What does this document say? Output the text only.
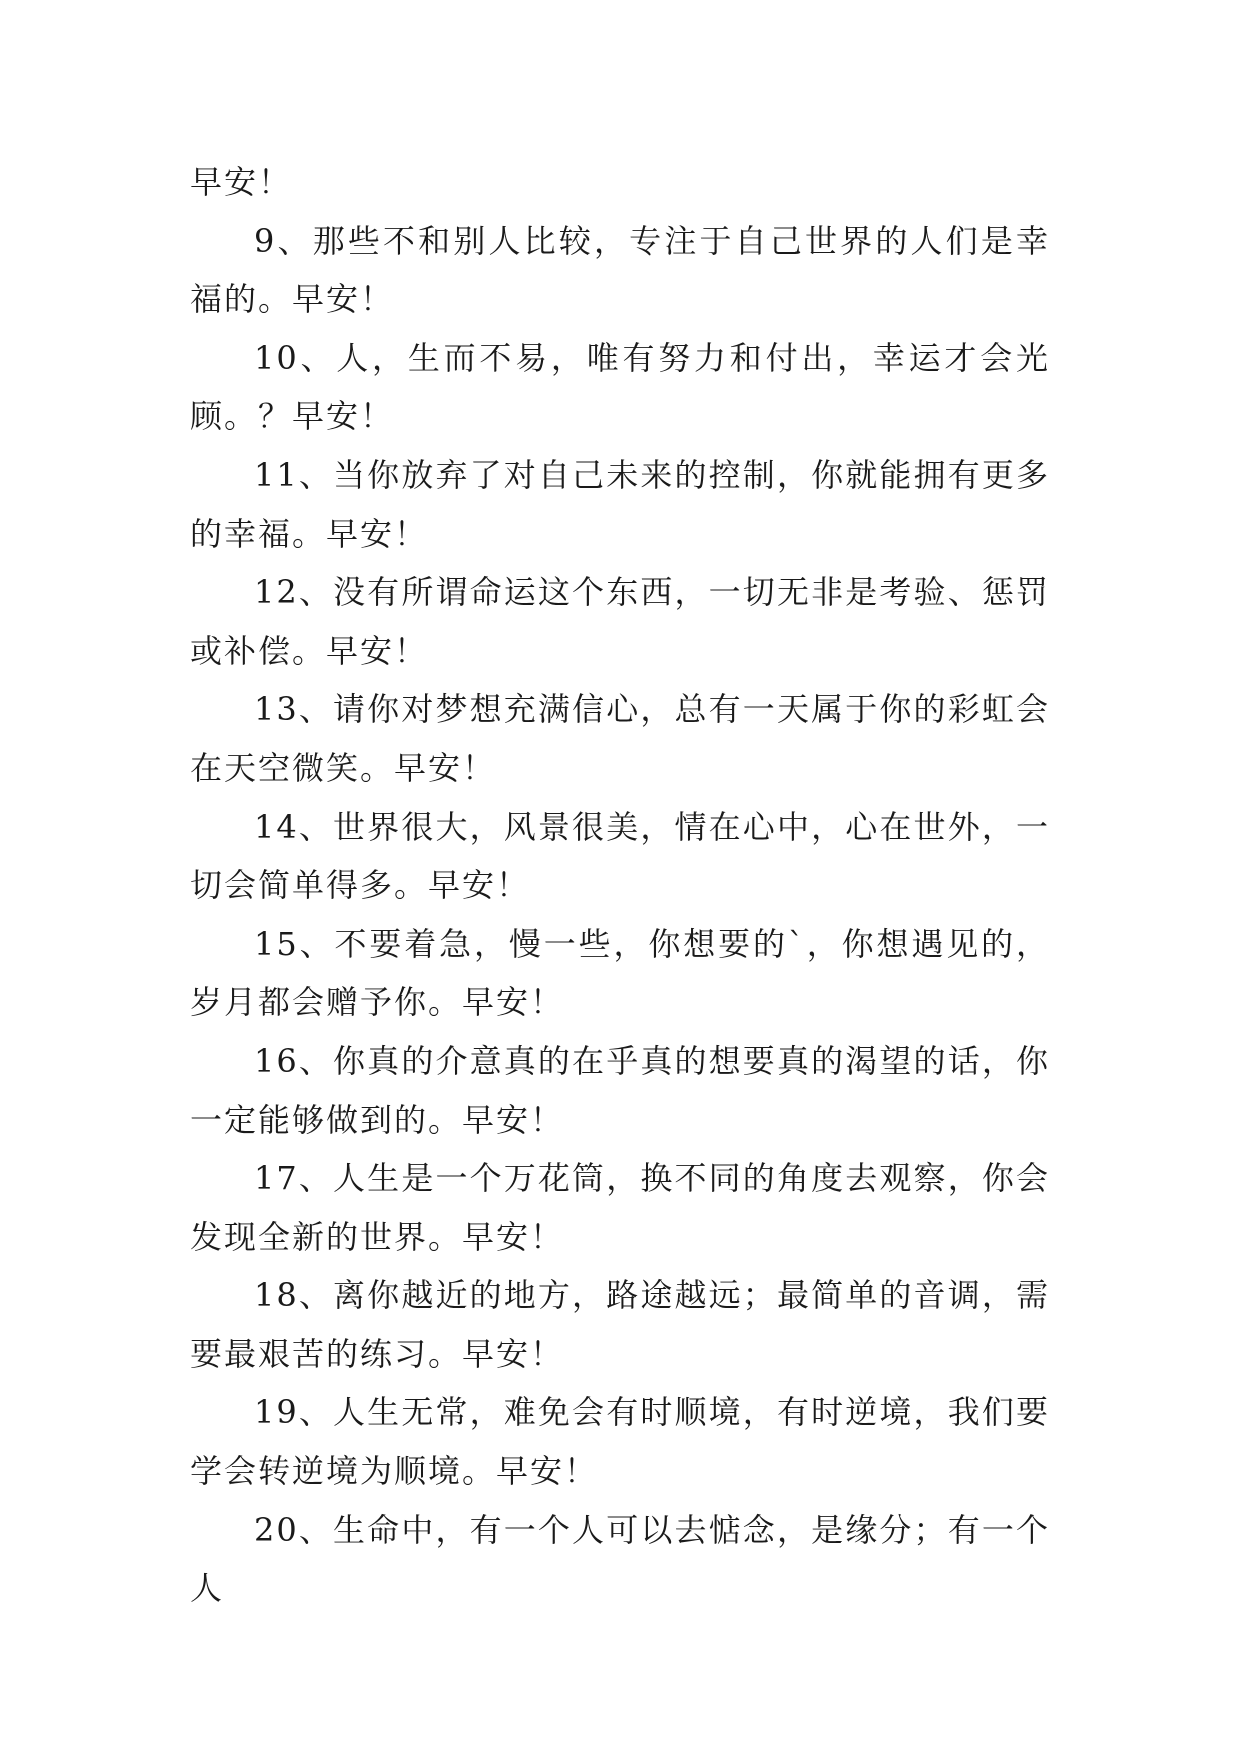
早安！

9、那些不和别人比较，专注于自己世界的人们是幸福的。早安！

10、人，生而不易，唯有努力和付出，幸运才会光顾。？早安！

11、当你放弃了对自己未来的控制，你就能拥有更多的幸福。早安！

12、没有所谓命运这个东西，一切无非是考验、惩罚或补偿。早安！

13、请你对梦想充满信心，总有一天属于你的彩虹会在天空微笑。早安！

14、世界很大，风景很美，情在心中，心在世外，一切会简单得多。早安！

15、不要着急，慢一些，你想要的`，你想遇见的，岁月都会赠予你。早安！

16、你真的介意真的在乎真的想要真的渴望的话，你一定能够做到的。早安！

17、人生是一个万花筒，换不同的角度去观察，你会发现全新的世界。早安！

18、离你越近的地方，路途越远；最简单的音调，需要最艰苦的练习。早安！

19、人生无常，难免会有时顺境，有时逆境，我们要学会转逆境为顺境。早安！

20、生命中，有一个人可以去惦念，是缘分；有一个人
